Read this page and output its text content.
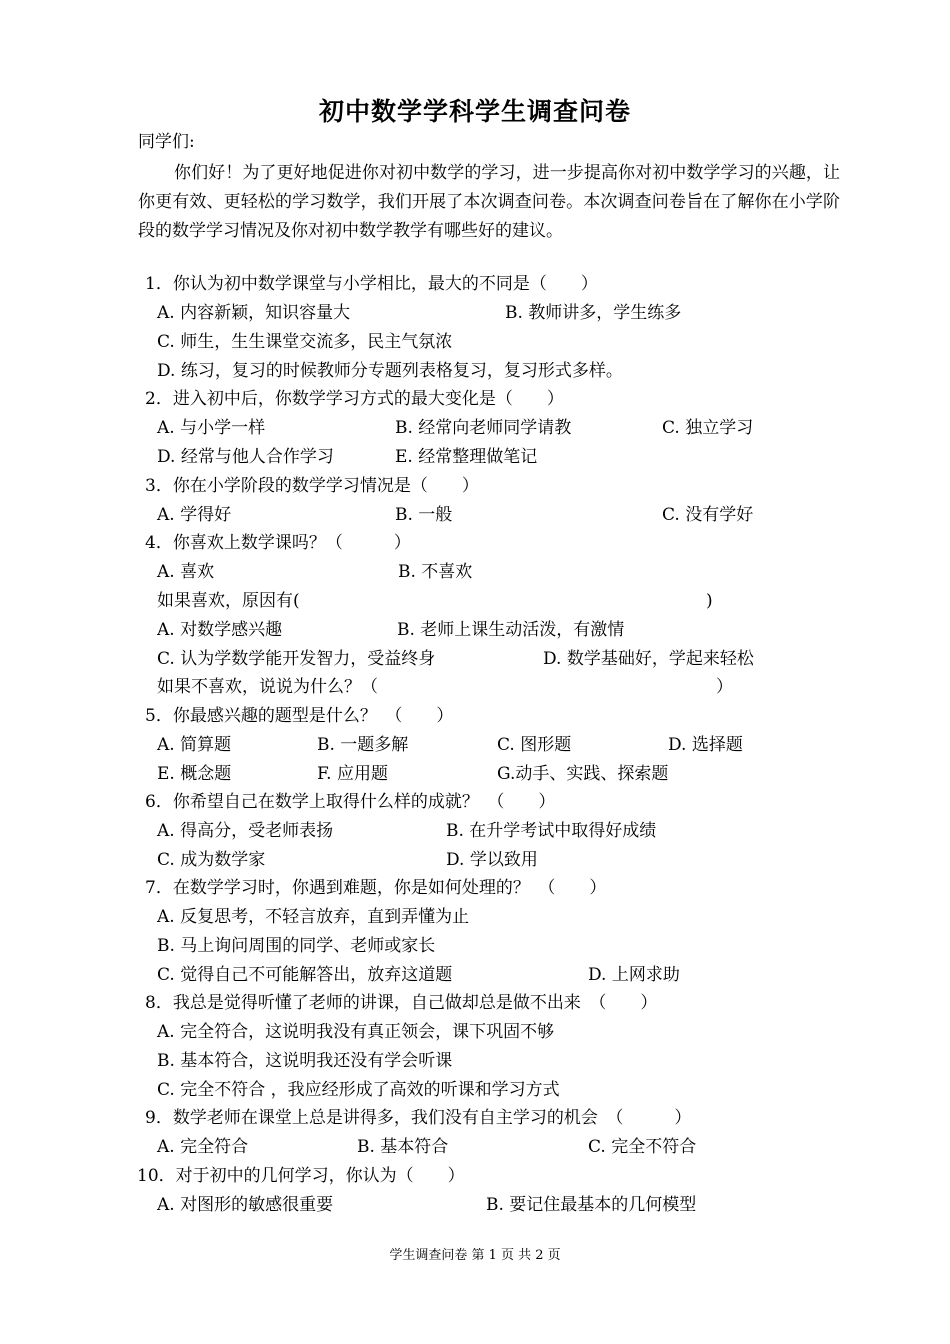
初中数学学科学生调查问卷
同学们:
你们好！为了更好地促进你对初中数学的学习，进一步提高你对初中数学学习的兴趣，让你更有效、更轻松的学习数学，我们开展了本次调查问卷。本次调查问卷旨在了解你在小学阶段的数学学习情况及你对初中数学教学有哪些好的建议。
1．你认为初中数学课堂与小学相比，最大的不同是（　　）
A. 内容新颖，知识容量大	B. 教师讲多，学生练多
C. 师生，生生课堂交流多，民主气氛浓
D. 练习，复习的时候教师分专题列表格复习，复习形式多样。
2．进入初中后，你数学学习方式的最大变化是（　　）
A. 与小学一样	B. 经常向老师同学请教	C. 独立学习
D. 经常与他人合作学习	E. 经常整理做笔记
3．你在小学阶段的数学学习情况是（　　）
A. 学得好	B. 一般	C. 没有学好
4．你喜欢上数学课吗？（　　　）
A. 喜欢	B. 不喜欢
如果喜欢，原因有(	)
A. 对数学感兴趣	B. 老师上课生动活泼，有激情
C. 认为学数学能开发智力，受益终身	D. 数学基础好，学起来轻松
如果不喜欢，说说为什么？（	）
5．你最感兴趣的题型是什么？　（　　）
A. 简算题	B. 一题多解	C. 图形题	D. 选择题
E. 概念题	F. 应用题	G.动手、实践、探索题
6．你希望自己在数学上取得什么样的成就？　（　　）
A. 得高分，受老师表扬	B. 在升学考试中取得好成绩
C. 成为数学家	D. 学以致用
7．在数学学习时，你遇到难题，你是如何处理的？　（　　）
A. 反复思考，不轻言放弃，直到弄懂为止
B. 马上询问周围的同学、老师或家长
C. 觉得自己不可能解答出，放弃这道题	D. 上网求助
8．我总是觉得听懂了老师的讲课，自己做却总是做不出来　（　　）
A. 完全符合，这说明我没有真正领会，课下巩固不够
B. 基本符合，这说明我还没有学会听课
C. 完全不符合 ，我应经形成了高效的听课和学习方式
9．数学老师在课堂上总是讲得多，我们没有自主学习的机会　（　　　）
A. 完全符合	B. 基本符合	C. 完全不符合
10．对于初中的几何学习，你认为（　　）
A. 对图形的敏感很重要	B. 要记住最基本的几何模型
学生调查问卷 第 1 页 共 2 页
